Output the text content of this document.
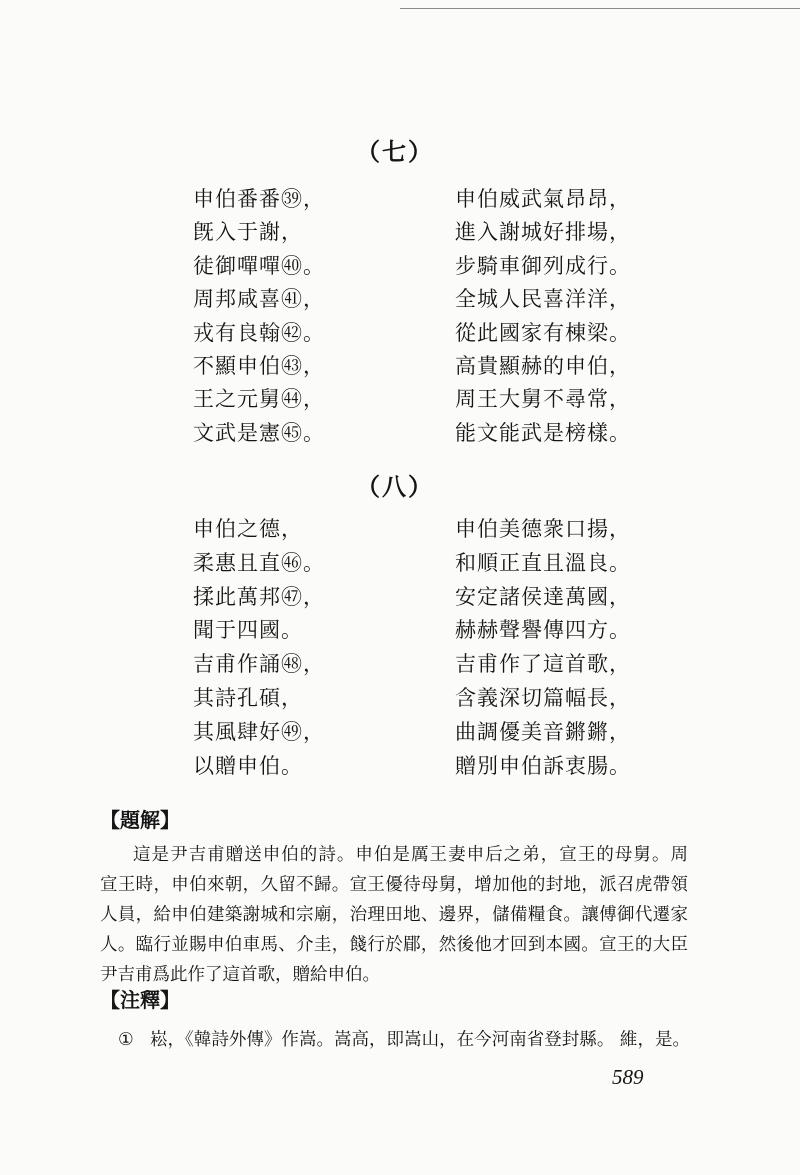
（七）
申伯番番㊴，	申伯威武氣昂昂，
旣入于謝，	進入謝城好排場，
徒御嘽嘽㊵。	步騎車御列成行。
周邦咸喜㊶，	全城人民喜洋洋，
戎有良翰㊷。	從此國家有棟梁。
不顯申伯㊸，	高貴顯赫的申伯，
王之元舅㊹，	周王大舅不尋常，
文武是憲㊺。	能文能武是榜樣。
（八）
申伯之德，	申伯美德衆口揚，
柔惠且直㊻。	和順正直且溫良。
揉此萬邦㊼，	安定諸侯達萬國，
聞于四國。	赫赫聲譽傳四方。
吉甫作誦㊽，	吉甫作了這首歌，
其詩孔碩，	含義深切篇幅長，
其風肆好㊾，	曲調優美音鏘鏘，
以贈申伯。	贈別申伯訴衷腸。
【題解】
這是尹吉甫贈送申伯的詩。申伯是厲王妻申后之弟，宣王的母舅。周
宣王時，申伯來朝，久留不歸。宣王優待母舅，增加他的封地，派召虎帶領
人員，給申伯建築謝城和宗廟，治理田地、邊界，儲備糧食。讓傅御代遷家
人。臨行並賜申伯車馬、介圭，餞行於郿，然後他才回到本國。宣王的大臣
尹吉甫爲此作了這首歌，贈給申伯。
【注釋】
① 崧，《韓詩外傳》作嵩。嵩高，即嵩山，在今河南省登封縣。 維，是。
589
